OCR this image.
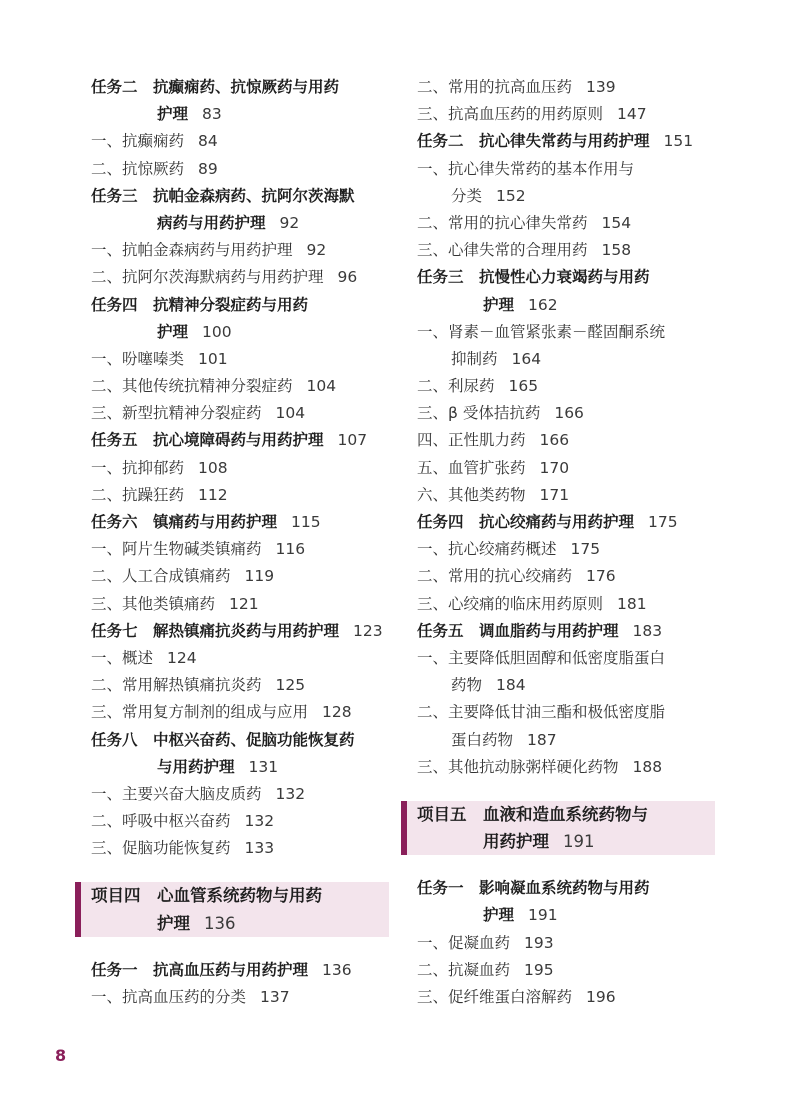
任务二　抗癫痫药、抗惊厥药与用药
护理 83
一、抗癫痫药 84
二、抗惊厥药 89
任务三　抗帕金森病药、抗阿尔茨海默
病药与用药护理 92
一、抗帕金森病药与用药护理 92
二、抗阿尔茨海默病药与用药护理 96
任务四　抗精神分裂症药与用药
护理 100
一、吩噻嗪类 101
二、其他传统抗精神分裂症药 104
三、新型抗精神分裂症药 104
任务五　抗心境障碍药与用药护理 107
一、抗抑郁药 108
二、抗躁狂药 112
任务六　镇痛药与用药护理 115
一、阿片生物碱类镇痛药 116
二、人工合成镇痛药 119
三、其他类镇痛药 121
任务七　解热镇痛抗炎药与用药护理 123
一、概述 124
二、常用解热镇痛抗炎药 125
三、常用复方制剂的组成与应用 128
任务八　中枢兴奋药、促脑功能恢复药
与用药护理 131
一、主要兴奋大脑皮质药 132
二、呼吸中枢兴奋药 132
三、促脑功能恢复药 133
项目四　心血管系统药物与用药
护理 136
任务一　抗高血压药与用药护理 136
一、抗高血压药的分类 137
二、常用的抗高血压药 139
三、抗高血压药的用药原则 147
任务二　抗心律失常药与用药护理 151
一、抗心律失常药的基本作用与
分类 152
二、常用的抗心律失常药 154
三、心律失常的合理用药 158
任务三　抗慢性心力衰竭药与用药
护理 162
一、肾素－血管紧张素－醛固酮系统
抑制药 164
二、利尿药 165
三、β 受体拮抗药 166
四、正性肌力药 166
五、血管扩张药 170
六、其他类药物 171
任务四　抗心绞痛药与用药护理 175
一、抗心绞痛药概述 175
二、常用的抗心绞痛药 176
三、心绞痛的临床用药原则 181
任务五　调血脂药与用药护理 183
一、主要降低胆固醇和低密度脂蛋白
药物 184
二、主要降低甘油三酯和极低密度脂
蛋白药物 187
三、其他抗动脉粥样硬化药物 188
项目五　血液和造血系统药物与
用药护理 191
任务一　影响凝血系统药物与用药
护理 191
一、促凝血药 193
二、抗凝血药 195
三、促纤维蛋白溶解药 196
8
